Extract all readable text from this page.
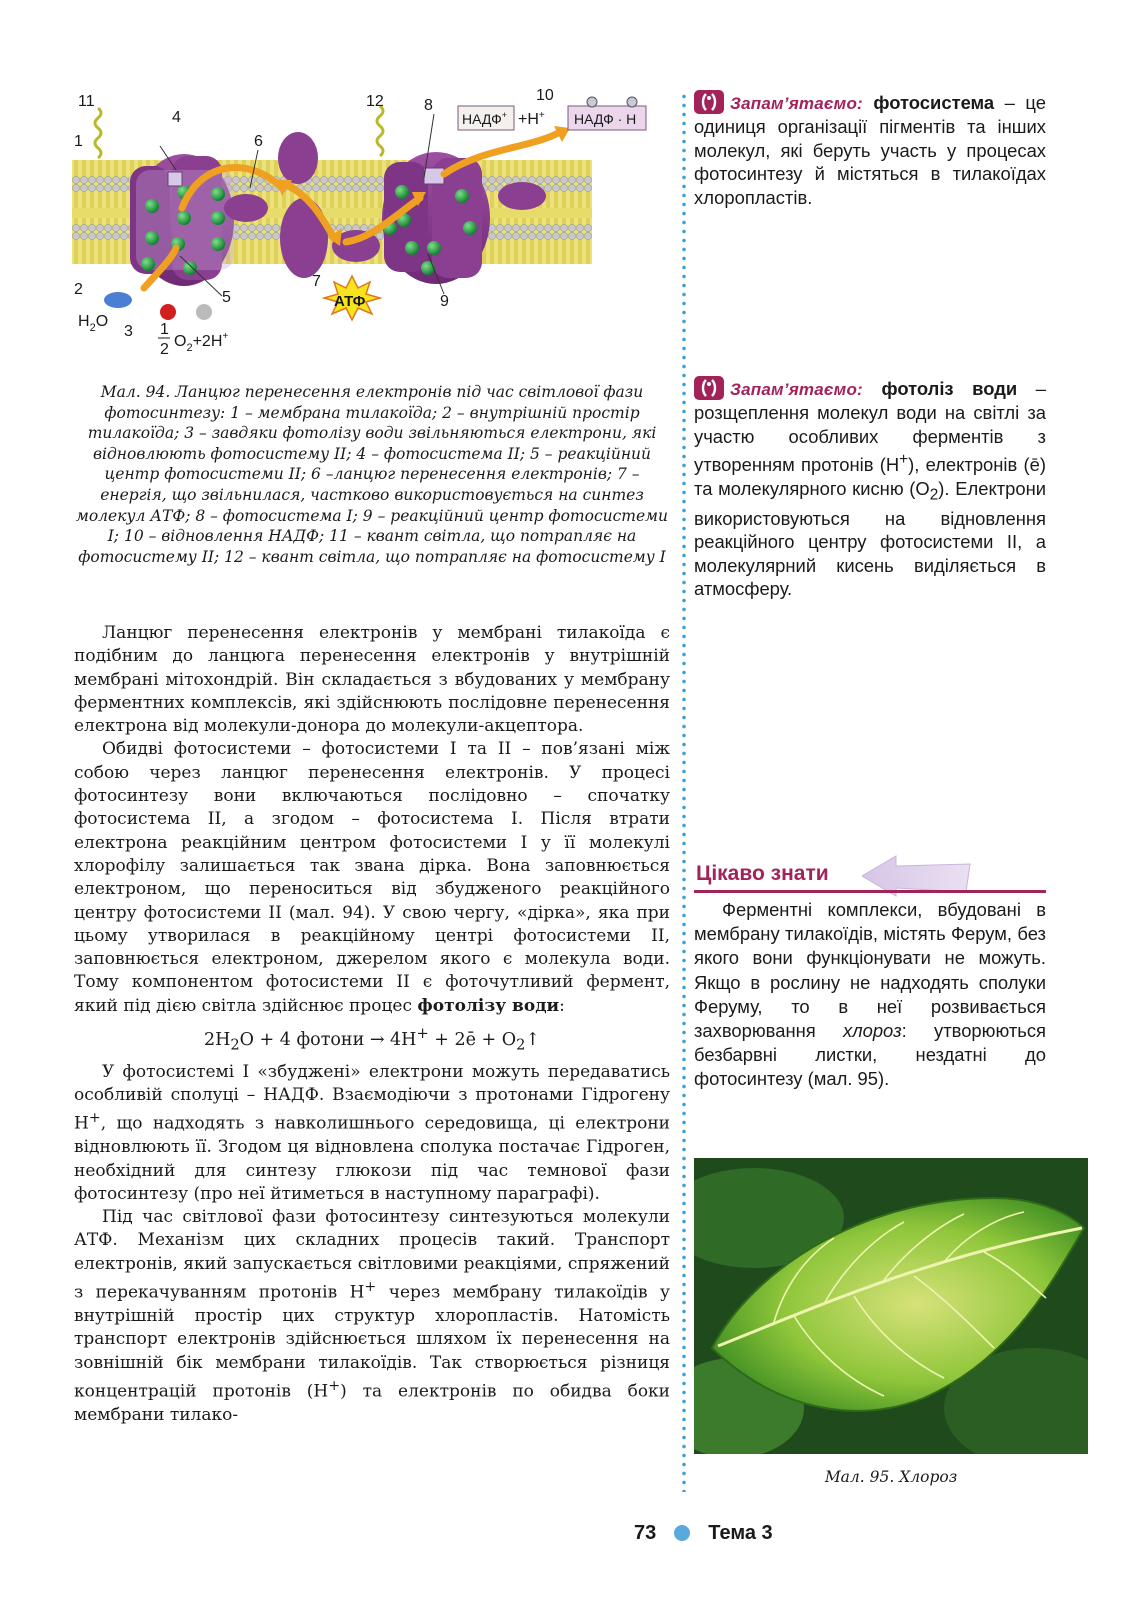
НАДФ+ +H+ НАДФ · Н
АТФ
11
1
4
6
12	8
10
2
3
5
7
9
$H_2O$	1
2 $O_2+2H^+$
Мал. 94. Ланцюг перенесення електронів під час світлової фази фотосинтезу: 1 – мембрана тилакоїда; 2 – внутрішній простір тилакоїда; 3 – завдяки фотолізу води звільняються електрони, які відновлюють фотосистему ІІ; 4 – фотосистема ІІ; 5 – реакційний центр фотосистеми ІІ; 6 –ланцюг перенесення електронів; 7 – енергія, що звільнилася, частково використовується на синтез молекул АТФ; 8 – фотосистема І; 9 – реакційний центр фотосистеми І; 10 – відновлення НАДФ; 11 – квант світла, що потрапляє на фотосистему ІІ; 12 – квант світла, що потрапляє на фотосистему І

Ланцюг перенесення електронів у мембрані тилакоїда є подібним до ланцюга перенесення електронів у внутрішній мембрані мітохондрій. Він складається з вбудованих у мембрану ферментних комплексів, які здійснюють послідовне перенесення електрона від молекули-донора до молекули-акцептора.

Обидві фотосистеми – фотосистеми І та ІІ – пов’язані між собою через ланцюг перенесення електронів. У процесі фотосинтезу вони включаються послідовно – спочатку фотосистема ІІ, а згодом – фотосистема І. Після втрати електрона реакційним центром фотосистеми І у її молекулі хлорофілу залишається так звана дірка. Вона заповнюється електроном, що переноситься від збудженого реакційного центру фотосистеми ІІ (мал. 94). У свою чергу, «дірка», яка при цьому утворилася в реакційному центрі фотосистеми ІІ, заповнюється електроном, джерелом якого є молекула води. Тому компонентом фотосистеми ІІ є фоточутливий фермент, який під дією світла здійснює процес фотолізу води:

$2H_2O + 4$ фотони → 4H+ + 2ē + $O_2↑$

У фотосистемі І «збуджені» електрони можуть передаватись особливій сполуці – НАДФ. Взаємодіючи з протонами Гідрогену H+, що надходять з навколишнього середовища, ці електрони відновлюють її. Згодом ця відновлена сполука постачає Гідроген, необхідний для синтезу глюкози під час темнової фази фотосинтезу (про неї йтиметься в наступному параграфі).

Під час світлової фази фотосинтезу синтезуються молекули АТФ. Механізм цих складних процесів такий. Транспорт електронів, який запускається світловими реакціями, спряжений з перекачуванням протонів H+ через мембрану тилакоїдів у внутрішній простір цих структур хлоропластів. Натомість транспорт електронів здійснюється шляхом їх перенесення на зовнішній бік мембрани тилакоїдів. Так створюється різниця концентрацій протонів (H+) та електронів по обидва боки мембрани тилако-

Запам’ятаємо: фотосистема – це одиниця організації пігментів та інших молекул, які беруть участь у процесах фотосинтезу й містяться в тилакоїдах хлоропластів.
Запам’ятаємо: фотоліз води – розщеплення молекул води на світлі за участю особливих ферментів з утворенням протонів (H+), електронів (ē) та молекулярного кисню $(O_2)$. Електрони використовуються на відновлення реакційного центру фотосистеми ІІ, а молекулярний кисень виділяється в атмосферу.
Цікаво знати
Ферментні комплекси, вбудовані в мембрану тилакоїдів, містять Ферум, без якого вони функціонувати не можуть. Якщо в рослину не надходять сполуки Феруму, то в неї розвивається захворювання хлороз: утворюються безбарвні листки, нездатні до фотосинтезу (мал. 95).
Мал. 95. Хлороз
73	Тема 3
